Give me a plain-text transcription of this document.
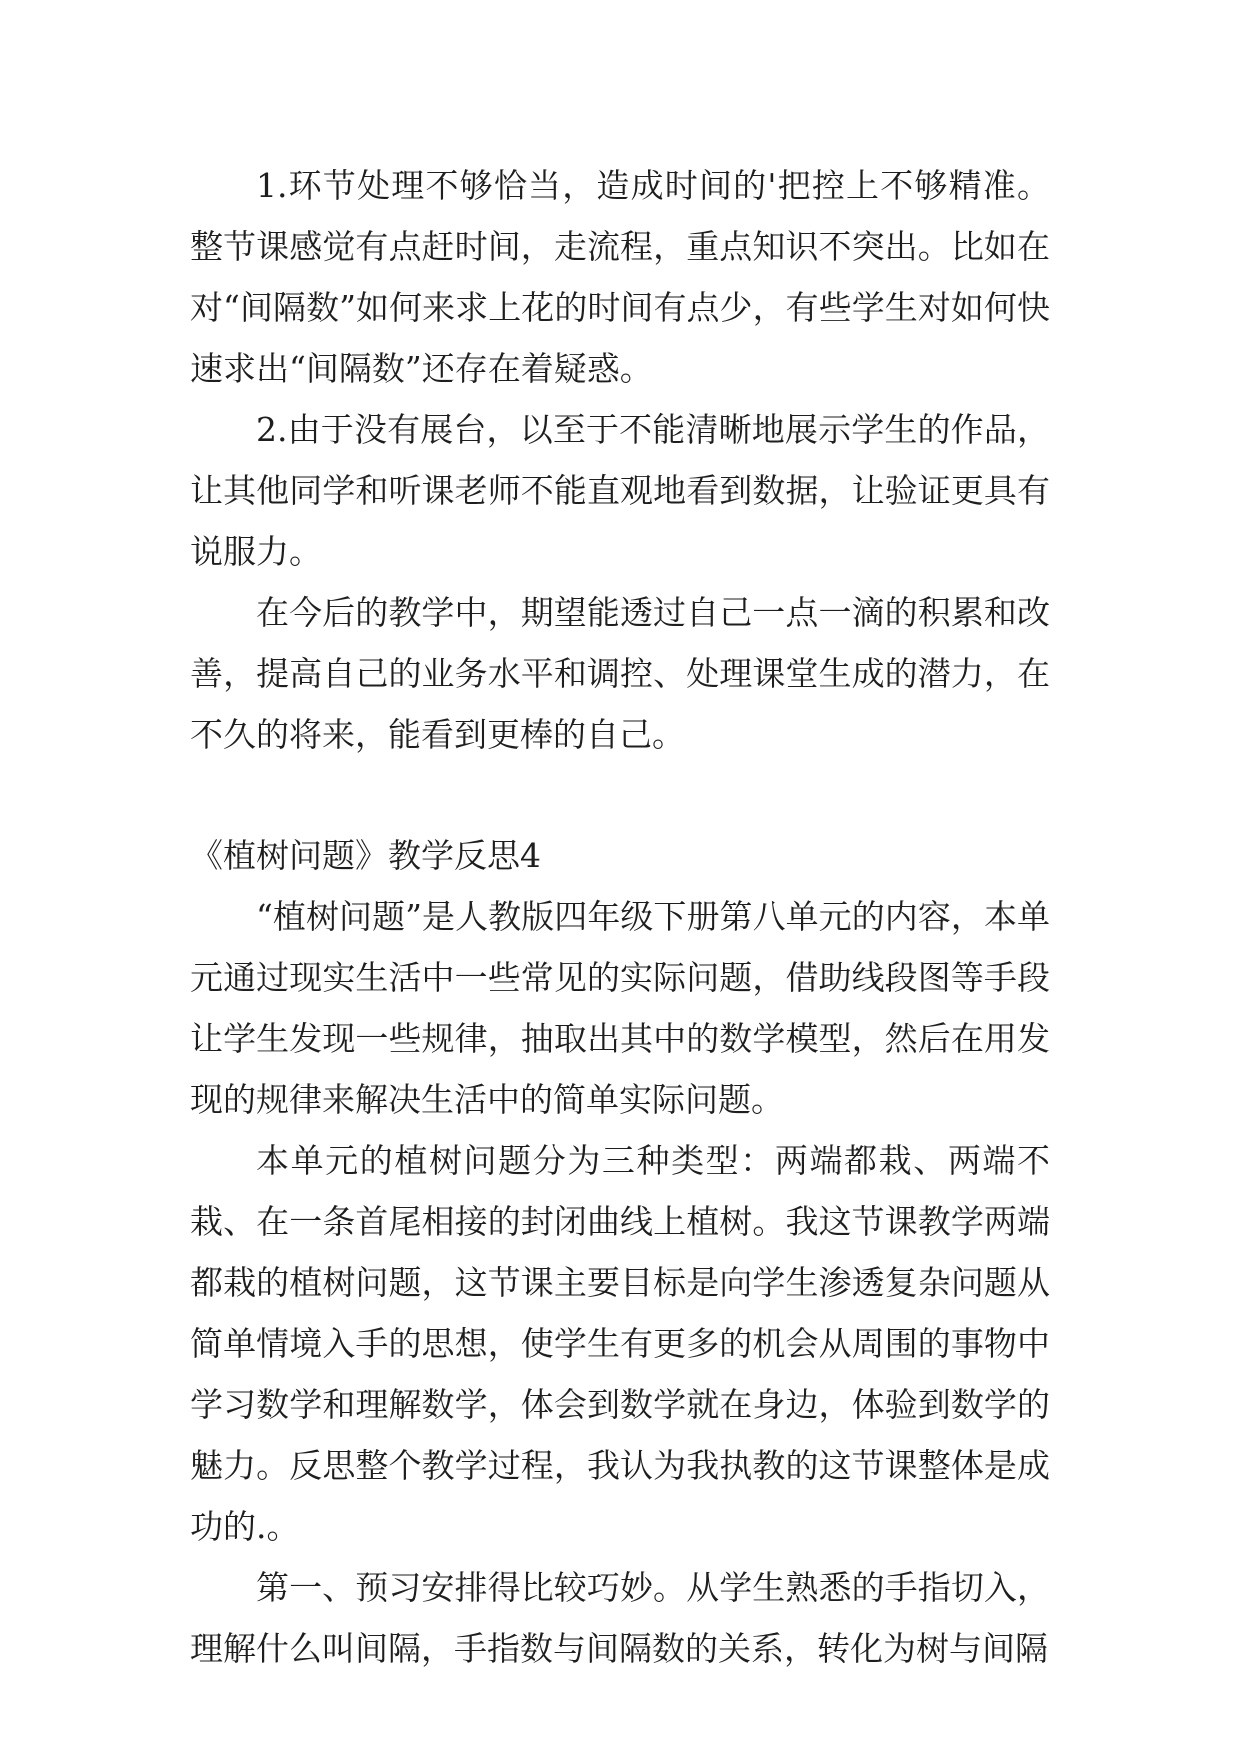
1.环节处理不够恰当，造成时间的'把控上不够精准。整节课感觉有点赶时间，走流程，重点知识不突出。比如在对“间隔数”如何来求上花的时间有点少，有些学生对如何快速求出“间隔数”还存在着疑惑。

2.由于没有展台，以至于不能清晰地展示学生的作品，让其他同学和听课老师不能直观地看到数据，让验证更具有说服力。

在今后的教学中，期望能透过自己一点一滴的积累和改善，提高自己的业务水平和调控、处理课堂生成的潜力，在不久的将来，能看到更棒的自己。

《植树问题》教学反思4

“植树问题”是人教版四年级下册第八单元的内容，本单元通过现实生活中一些常见的实际问题，借助线段图等手段让学生发现一些规律，抽取出其中的数学模型，然后在用发现的规律来解决生活中的简单实际问题。

本单元的植树问题分为三种类型：两端都栽、两端不栽、在一条首尾相接的封闭曲线上植树。我这节课教学两端都栽的植树问题，这节课主要目标是向学生渗透复杂问题从简单情境入手的思想，使学生有更多的机会从周围的事物中学习数学和理解数学，体会到数学就在身边，体验到数学的魅力。反思整个教学过程，我认为我执教的这节课整体是成功的.。

第一、预习安排得比较巧妙。从学生熟悉的手指切入，理解什么叫间隔，手指数与间隔数的关系，转化为树与间隔
